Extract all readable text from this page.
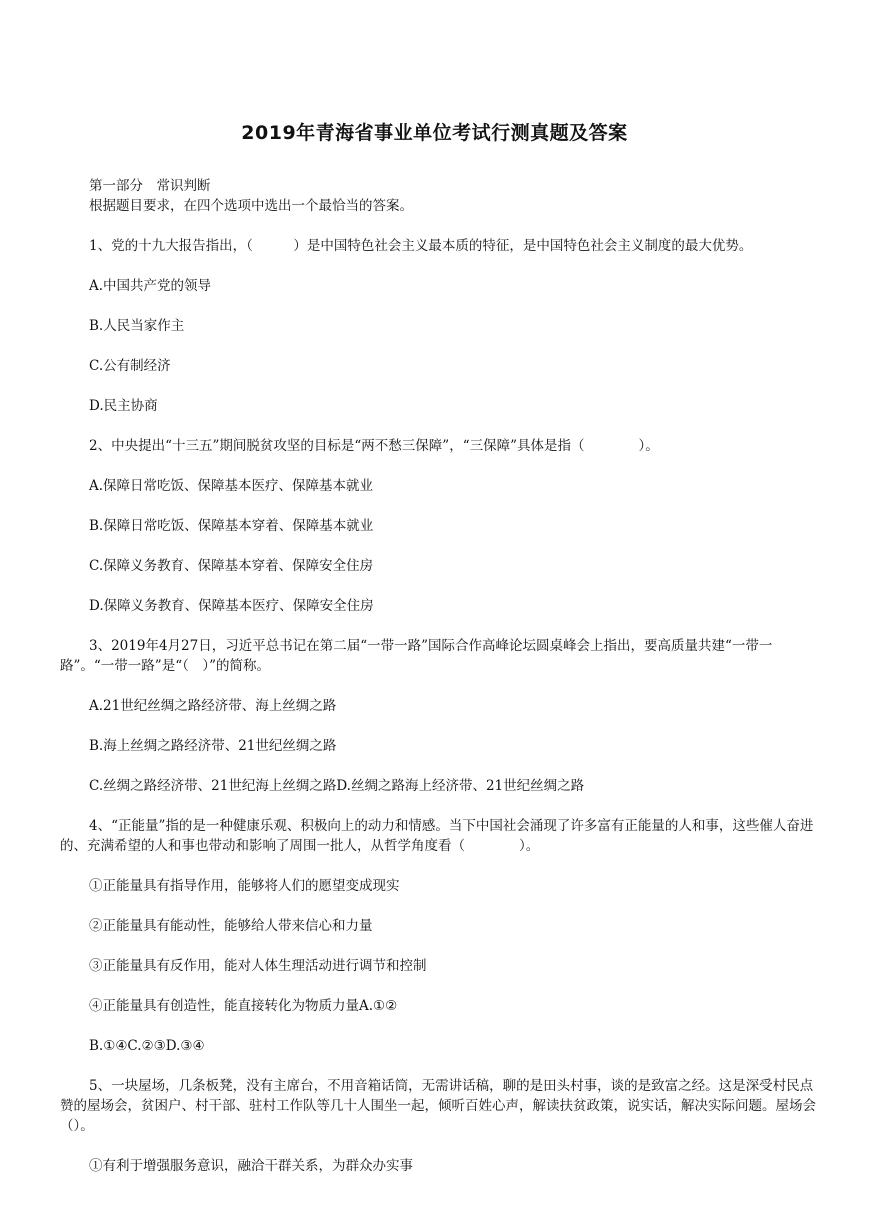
2019年青海省事业单位考试行测真题及答案

第一部分　常识判断

根据题目要求，在四个选项中选出一个最恰当的答案。

1、党的十九大报告指出，（　　　）是中国特色社会主义最本质的特征，是中国特色社会主义制度的最大优势。

A.中国共产党的领导

B.人民当家作主

C.公有制经济

D.民主协商

2、中央提出“十三五”期间脱贫攻坚的目标是“两不愁三保障”，“三保障”具体是指（　　　　）。

A.保障日常吃饭、保障基本医疗、保障基本就业

B.保障日常吃饭、保障基本穿着、保障基本就业

C.保障义务教育、保障基本穿着、保障安全住房

D.保障义务教育、保障基本医疗、保障安全住房

3、2019年4月27日，习近平总书记在第二届“一带一路”国际合作高峰论坛圆桌峰会上指出，要高质量共建“一带一路”。“一带一路”是“（　）”的简称。

A.21世纪丝绸之路经济带、海上丝绸之路

B.海上丝绸之路经济带、21世纪丝绸之路

C.丝绸之路经济带、21世纪海上丝绸之路D.丝绸之路海上经济带、21世纪丝绸之路

4、“正能量”指的是一种健康乐观、积极向上的动力和情感。当下中国社会涌现了许多富有正能量的人和事，这些催人奋进的、充满希望的人和事也带动和影响了周围一批人，从哲学角度看（　　　　）。

①正能量具有指导作用，能够将人们的愿望变成现实

②正能量具有能动性，能够给人带来信心和力量

③正能量具有反作用，能对人体生理活动进行调节和控制

④正能量具有创造性，能直接转化为物质力量A.①②

B.①④C.②③D.③④

5、一块屋场，几条板凳，没有主席台，不用音箱话筒，无需讲话稿，聊的是田头村事，谈的是致富之经。这是深受村民点赞的屋场会，贫困户、村干部、驻村工作队等几十人围坐一起，倾听百姓心声，解读扶贫政策，说实话，解决实际问题。屋场会（）。

①有利于增强服务意识，融洽干群关系，为群众办实事
